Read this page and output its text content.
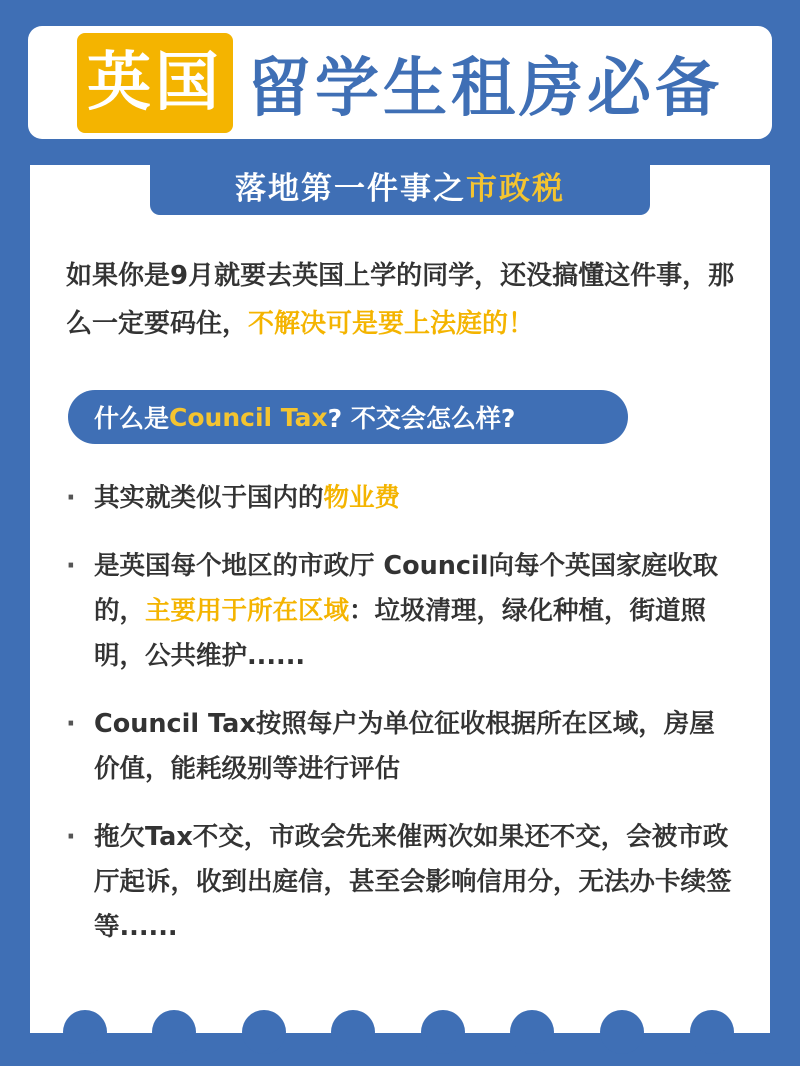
英国 留学生租房必备
落地第一件事之 市政税
如果你是9月就要去英国上学的同学，还没搞懂这件事，那么一定要码住，不解决可是要上法庭的！
什么是 Council Tax ? 不交会怎么样?
· 其实就类似于国内的物业费
· 是英国每个地区的市政厅 Council向每个英国家庭收取的，主要用于所在区域：垃圾清理，绿化种植，街道照明，公共维护......
· Council Tax按照每户为单位征收根据所在区域，房屋价值，能耗级别等进行评估
· 拖欠Tax不交，市政会先来催两次如果还不交，会被市政厅起诉，收到出庭信，甚至会影响信用分，无法办卡续签等......
